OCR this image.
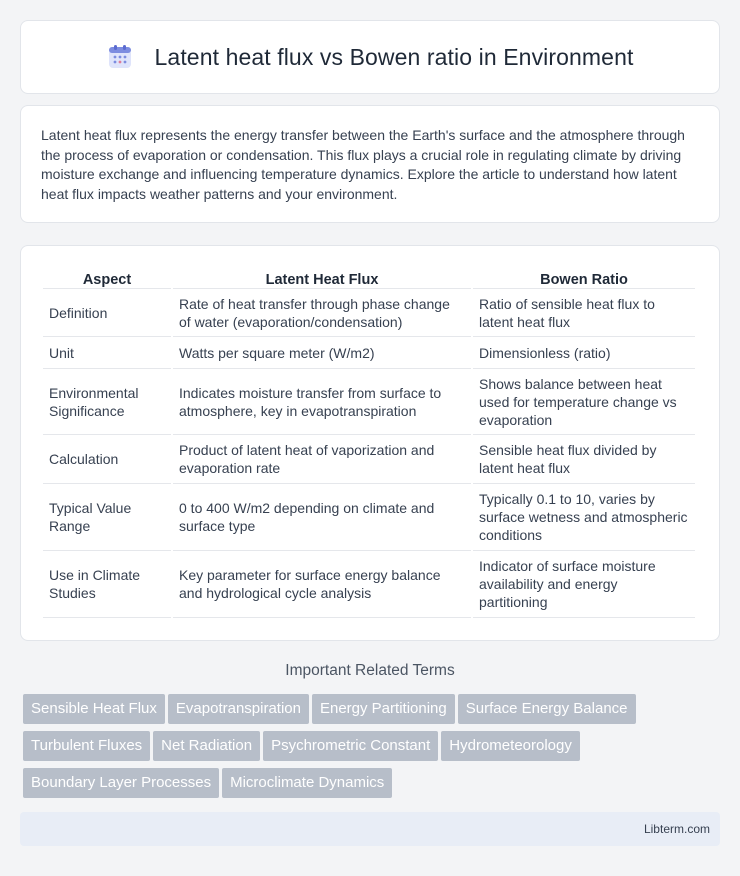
Latent heat flux vs Bowen ratio in Environment

Latent heat flux represents the energy transfer between the Earth's surface and the atmosphere through the process of evaporation or condensation. This flux plays a crucial role in regulating climate by driving moisture exchange and influencing temperature dynamics. Explore the article to understand how latent heat flux impacts weather patterns and your environment.

Aspect	Latent Heat Flux	Bowen Ratio
Definition	Rate of heat transfer through phase change of water (evaporation/condensation)	Ratio of sensible heat flux to latent heat flux
Unit	Watts per square meter (W/m2)	Dimensionless (ratio)
Environmental Significance	Indicates moisture transfer from surface to atmosphere, key in evapotranspiration	Shows balance between heat used for temperature change vs evaporation
Calculation	Product of latent heat of vaporization and evaporation rate	Sensible heat flux divided by latent heat flux
Typical Value Range	0 to 400 W/m2 depending on climate and surface type	Typically 0.1 to 10, varies by surface wetness and atmospheric conditions
Use in Climate Studies	Key parameter for surface energy balance and hydrological cycle analysis	Indicator of surface moisture availability and energy partitioning
Important Related Terms
Sensible Heat Flux Evapotranspiration Energy Partitioning Surface Energy Balance
Turbulent Fluxes Net Radiation Psychrometric Constant Hydrometeorology
Boundary Layer Processes Microclimate Dynamics
Libterm.com
